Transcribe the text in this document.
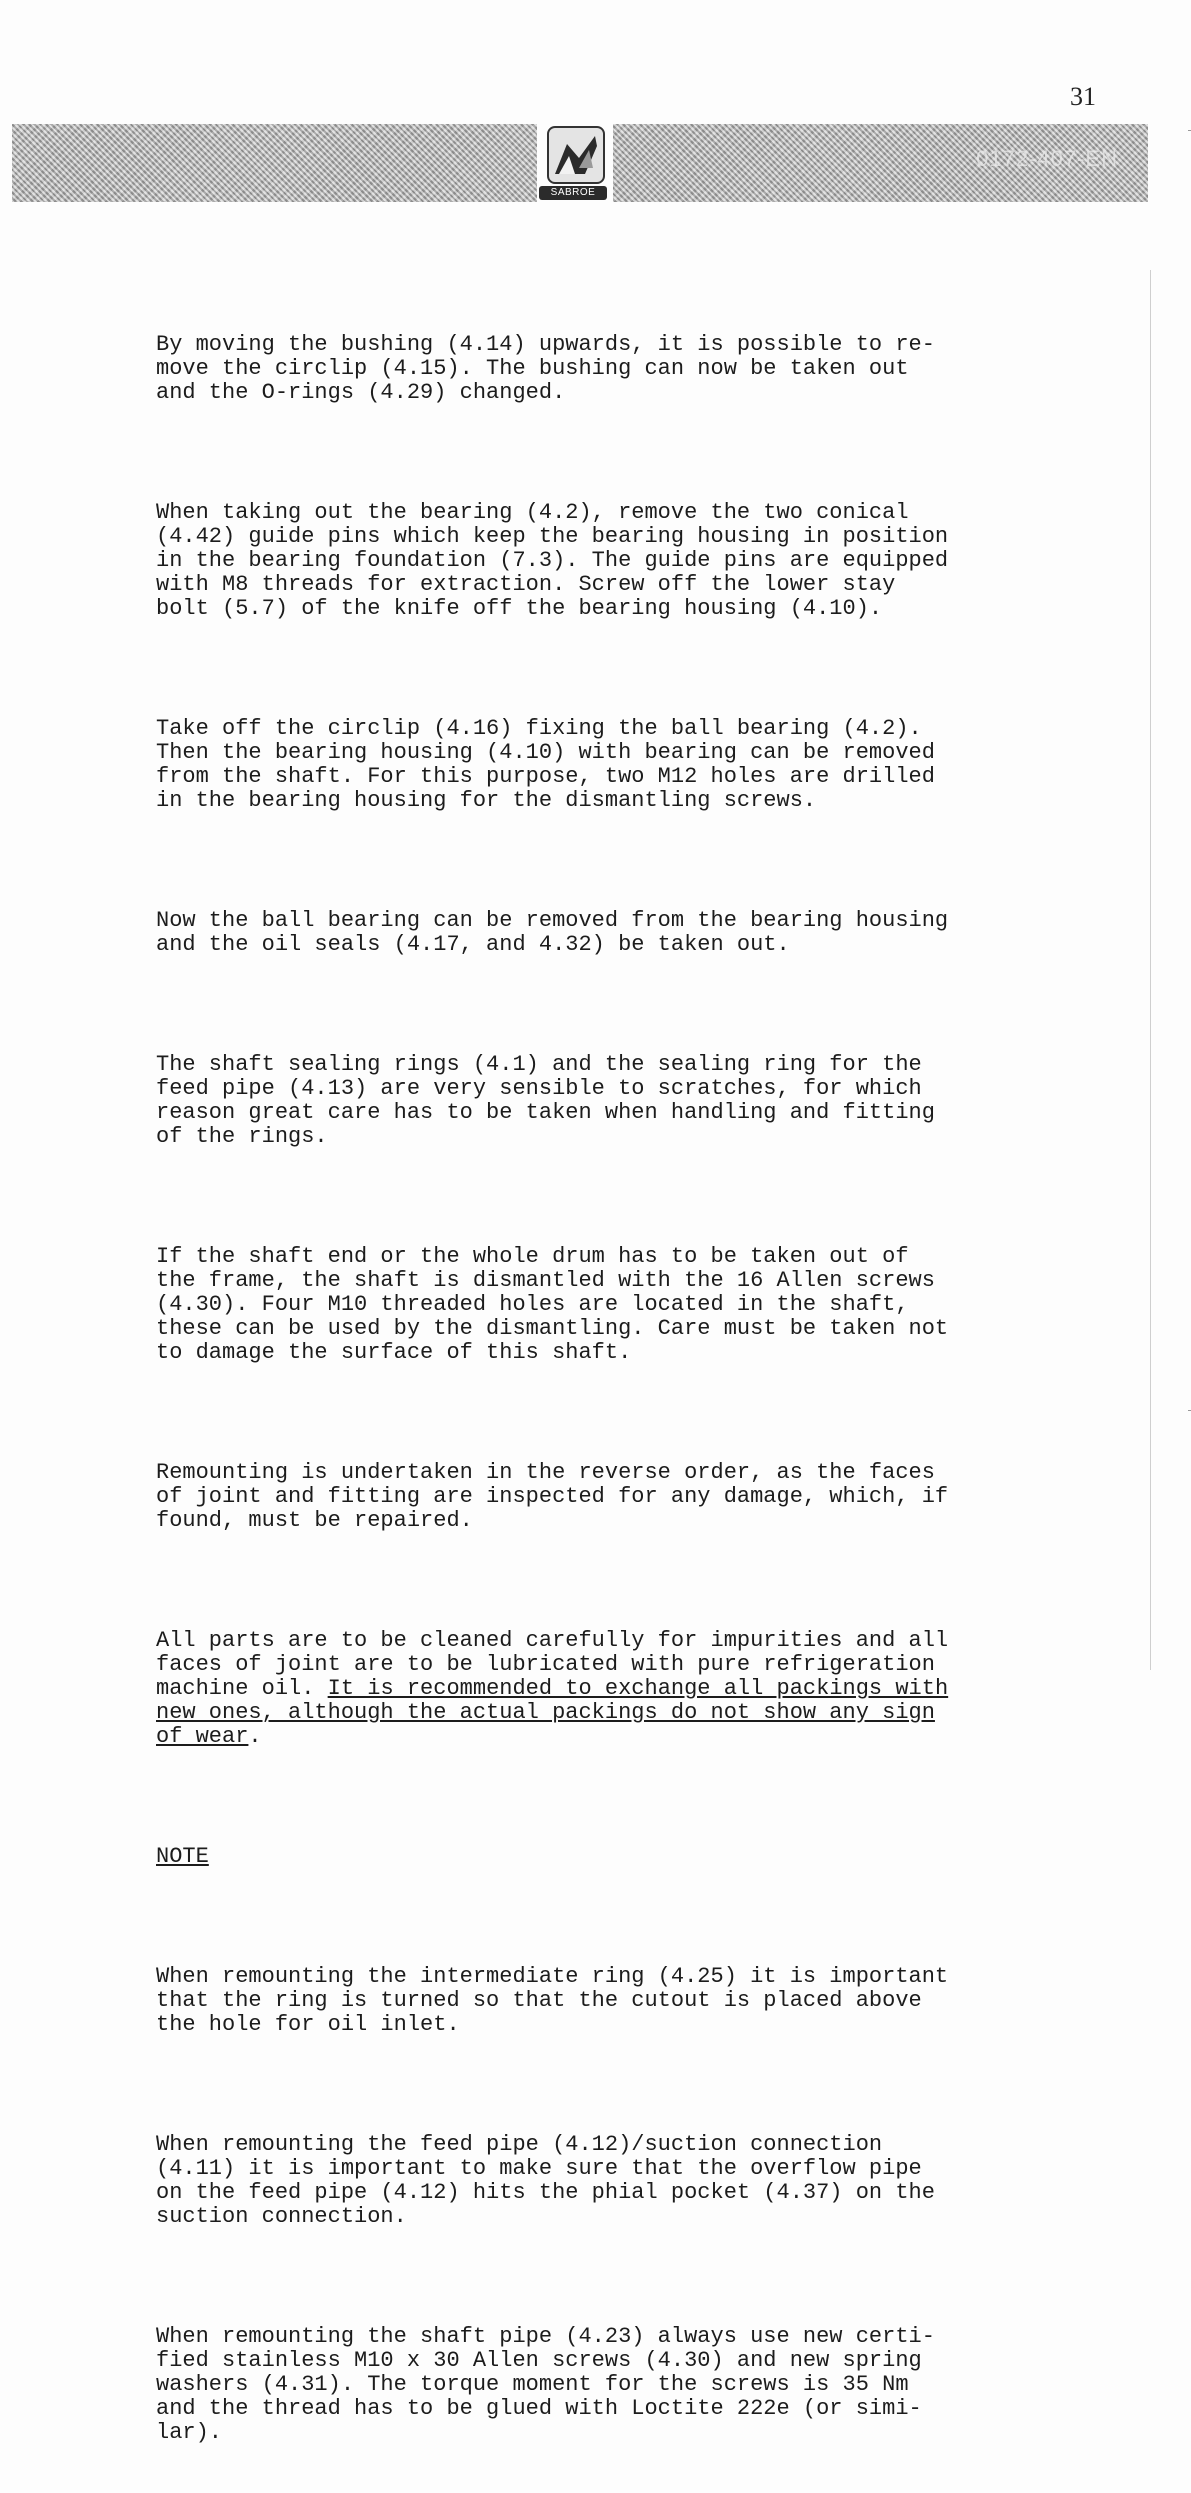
31
SABROE
0172-407-EN

By moving the bushing (4.14) upwards, it is possible to re-
move the circlip (4.15). The bushing can now be taken out
and the O-rings (4.29) changed.

When taking out the bearing (4.2), remove the two conical
(4.42) guide pins which keep the bearing housing in position
in the bearing foundation (7.3). The guide pins are equipped
with M8 threads for extraction. Screw off the lower stay
bolt (5.7) of the knife off the bearing housing (4.10).

Take off the circlip (4.16) fixing the ball bearing (4.2).
Then the bearing housing (4.10) with bearing can be removed
from the shaft. For this purpose, two M12 holes are drilled
in the bearing housing for the dismantling screws.

Now the ball bearing can be removed from the bearing housing
and the oil seals (4.17, and 4.32) be taken out.

The shaft sealing rings (4.1) and the sealing ring for the
feed pipe (4.13) are very sensible to scratches, for which
reason great care has to be taken when handling and fitting
of the rings.

If the shaft end or the whole drum has to be taken out of
the frame, the shaft is dismantled with the 16 Allen screws
(4.30). Four M10 threaded holes are located in the shaft,
these can be used by the dismantling. Care must be taken not
to damage the surface of this shaft.

Remounting is undertaken in the reverse order, as the faces
of joint and fitting are inspected for any damage, which, if
found, must be repaired.

All parts are to be cleaned carefully for impurities and all
faces of joint are to be lubricated with pure refrigeration
machine oil. It is recommended to exchange all packings with
new ones, although the actual packings do not show any sign
of wear.

NOTE

When remounting the intermediate ring (4.25) it is important
that the ring is turned so that the cutout is placed above
the hole for oil inlet.

When remounting the feed pipe (4.12)/suction connection
(4.11) it is important to make sure that the overflow pipe
on the feed pipe (4.12) hits the phial pocket (4.37) on the
suction connection.

When remounting the shaft pipe (4.23) always use new certi-
fied stainless M10 x 30 Allen screws (4.30) and new spring
washers (4.31). The torque moment for the screws is 35 Nm
and the thread has to be glued with Loctite 222e (or simi-
lar).
